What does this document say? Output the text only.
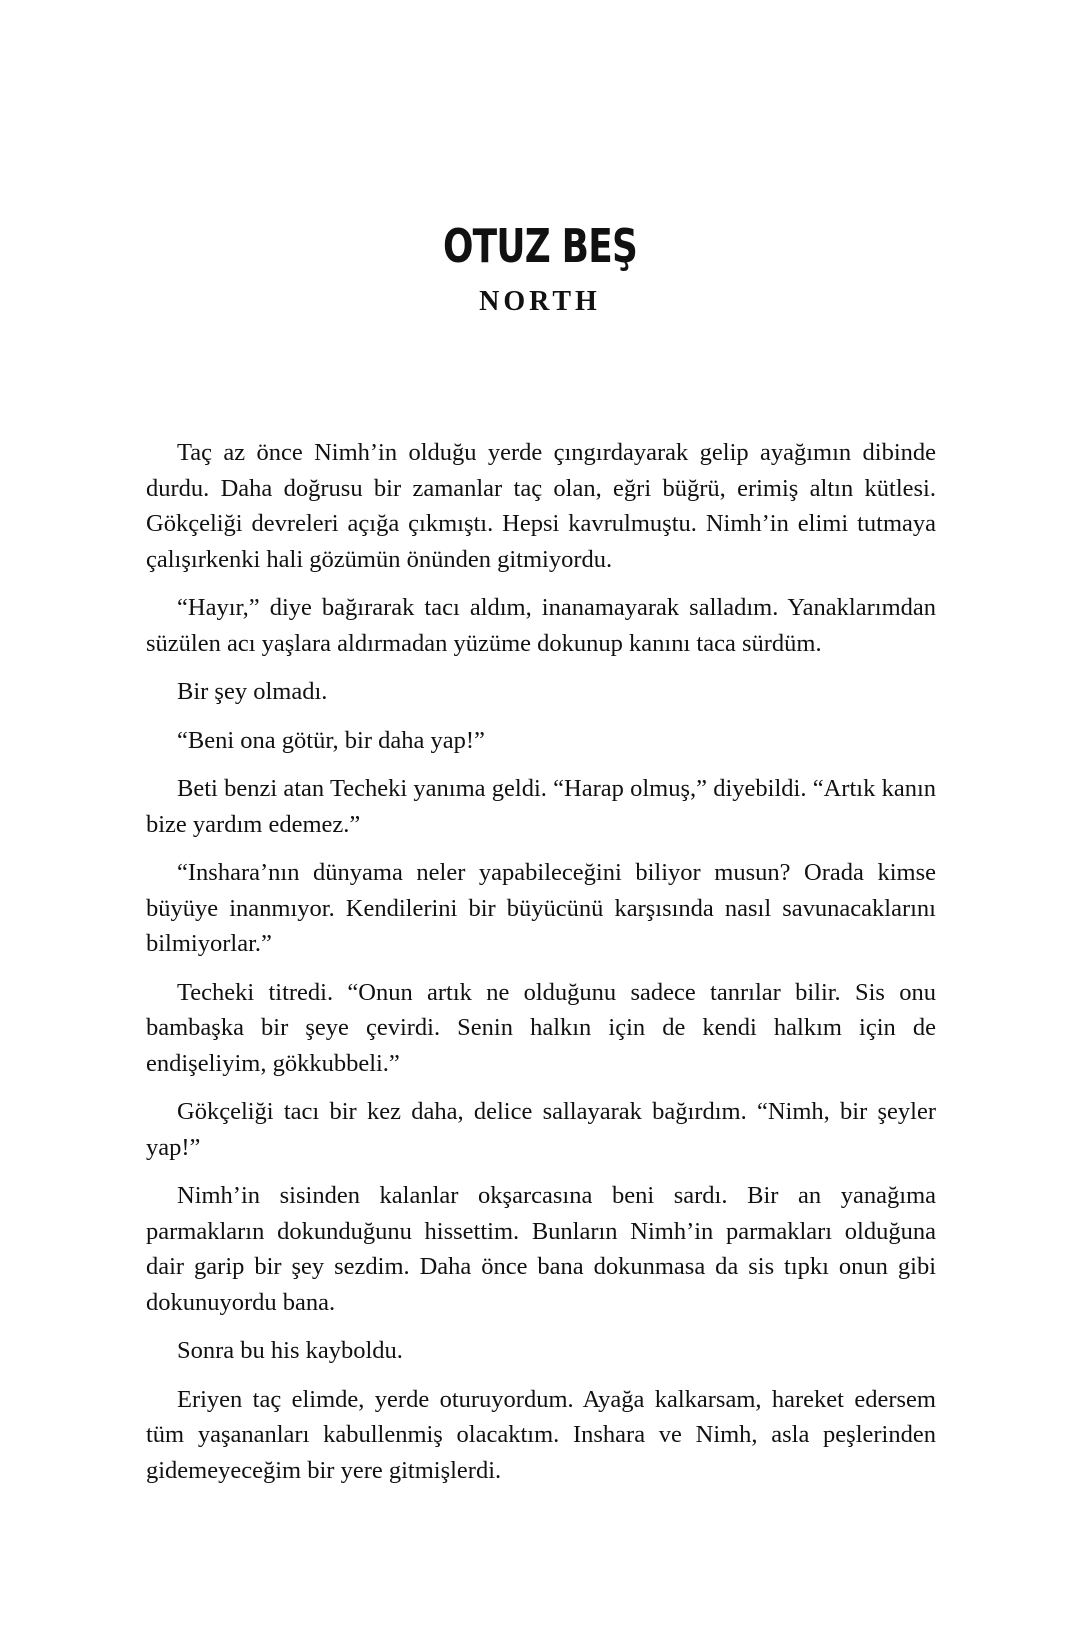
OTUZ BEŞ
NORTH

Taç az önce Nimh’in olduğu yerde çıngırdayarak gelip ayağımın dibinde durdu. Daha doğrusu bir zamanlar taç olan, eğri büğrü, erimiş altın kütlesi. Gökçeliği devreleri açığa çıkmıştı. Hepsi kavrulmuştu. Nimh’in elimi tutmaya çalışırkenki hali gözümün önünden gitmiyordu.

“Hayır,” diye bağırarak tacı aldım, inanamayarak salladım. Yanaklarımdan süzülen acı yaşlara aldırmadan yüzüme dokunup kanını taca sürdüm.

Bir şey olmadı.

“Beni ona götür, bir daha yap!”

Beti benzi atan Techeki yanıma geldi. “Harap olmuş,” diyebildi. “Artık kanın bize yardım edemez.”

“Inshara’nın dünyama neler yapabileceğini biliyor musun? Orada kimse büyüye inanmıyor. Kendilerini bir büyücünü karşısında nasıl savunacaklarını bilmiyorlar.”

Techeki titredi. “Onun artık ne olduğunu sadece tanrılar bilir. Sis onu bambaşka bir şeye çevirdi. Senin halkın için de kendi halkım için de endişeliyim, gökkubbeli.”

Gökçeliği tacı bir kez daha, delice sallayarak bağırdım. “Nimh, bir şeyler yap!”

Nimh’in sisinden kalanlar okşarcasına beni sardı. Bir an yanağıma parmakların dokunduğunu hissettim. Bunların Nimh’in parmakları olduğuna dair garip bir şey sezdim. Daha önce bana dokunmasa da sis tıpkı onun gibi dokunuyordu bana.

Sonra bu his kayboldu.

Eriyen taç elimde, yerde oturuyordum. Ayağa kalkarsam, hareket edersem tüm yaşananları kabullenmiş olacaktım. Inshara ve Nimh, asla peşlerinden gidemeyeceğim bir yere gitmişlerdi.
